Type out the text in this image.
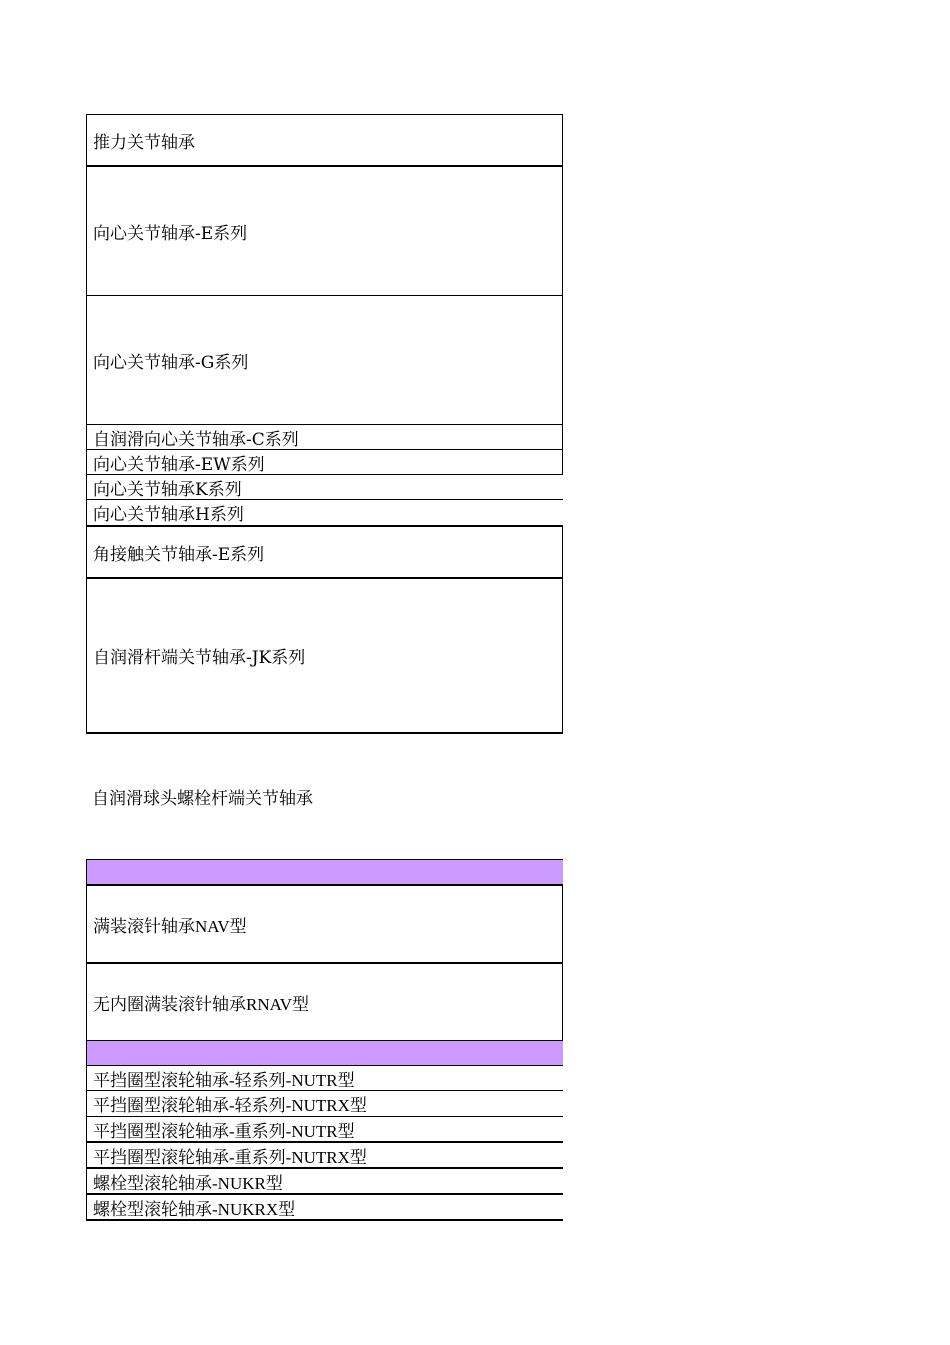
推力关节轴承
向心关节轴承-E系列
向心关节轴承-G系列
自润滑向心关节轴承-C系列
向心关节轴承-EW系列
向心关节轴承K系列
向心关节轴承H系列
角接触关节轴承-E系列
自润滑杆端关节轴承-JK系列
自润滑球头螺栓杆端关节轴承
满装滚针轴承NAV型
无内圈满装滚针轴承RNAV型
平挡圈型滚轮轴承-轻系列-NUTR型
平挡圈型滚轮轴承-轻系列-NUTRX型
平挡圈型滚轮轴承-重系列-NUTR型
平挡圈型滚轮轴承-重系列-NUTRX型
螺栓型滚轮轴承-NUKR型
螺栓型滚轮轴承-NUKRX型
